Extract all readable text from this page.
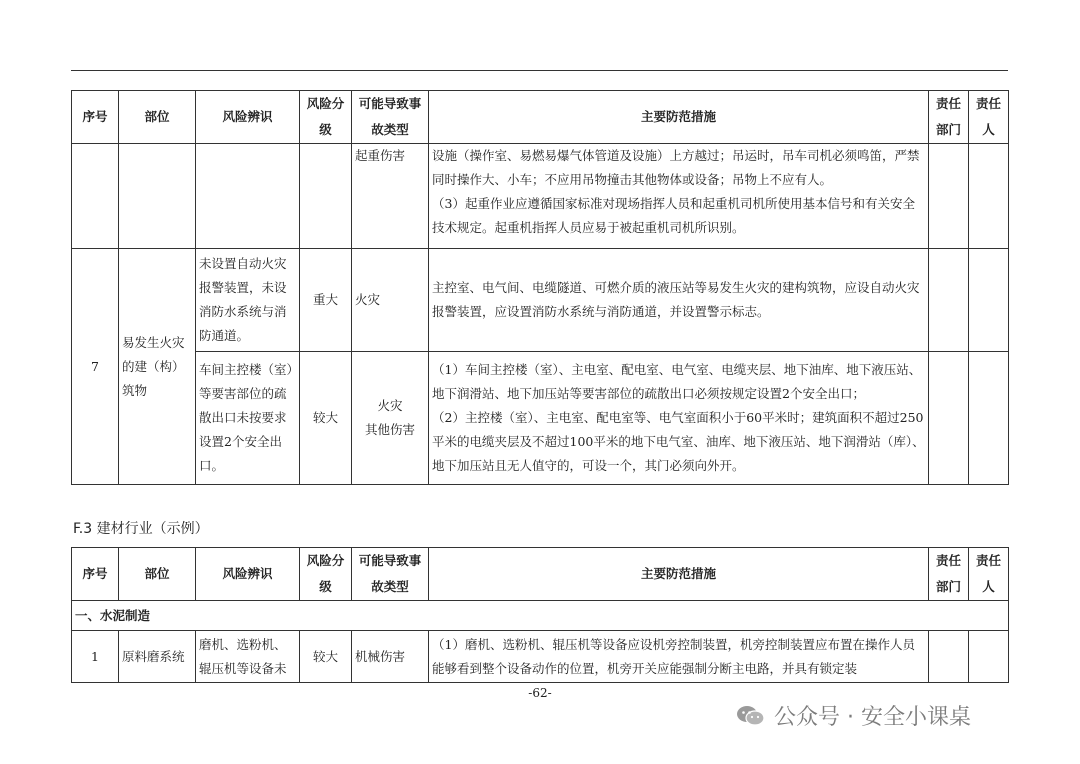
序号	部位	风险辨识	风险分级	可能导致事故类型	主要防范措施	责任部门	责任人
				起重伤害	设施（操作室、易燃易爆气体管道及设施）上方越过；吊运时，吊车司机必须鸣笛，严禁同时操作大、小车；不应用吊物撞击其他物体或设备；吊物上不应有人。
（3）起重作业应遵循国家标准对现场指挥人员和起重机司机所使用基本信号和有关安全技术规定。起重机指挥人员应易于被起重机司机所识别。		
7	易发生火灾的建（构）筑物	未设置自动火灾报警装置，未设消防水系统与消防通道。	重大	火灾	主控室、电气间、电缆隧道、可燃介质的液压站等易发生火灾的建构筑物，应设自动火灾报警装置，应设置消防水系统与消防通道，并设置警示标志。		
		车间主控楼（室）等要害部位的疏散出口未按要求设置2个安全出口。	较大	火灾
其他伤害	（1）车间主控楼（室）、主电室、配电室、电气室、电缆夹层、地下油库、地下液压站、地下润滑站、地下加压站等要害部位的疏散出口必须按规定设置2个安全出口；
（2）主控楼（室）、主电室、配电室等、电气室面积小于60平米时；建筑面积不超过250平米的电缆夹层及不超过100平米的地下电气室、油库、地下液压站、地下润滑站（库）、地下加压站且无人值守的，可设一个，其门必须向外开。		
F.3 建材行业（示例）
序号	部位	风险辨识	风险分级	可能导致事故类型	主要防范措施	责任部门	责任人
一、水泥制造							
1	原料磨系统	磨机、选粉机、辊压机等设备未	较大	机械伤害	（1）磨机、选粉机、辊压机等设备应设机旁控制装置，机旁控制装置应布置在操作人员能够看到整个设备动作的位置，机旁开关应能强制分断主电路，并具有锁定装		
-62-
公众号 · 安全小课桌
